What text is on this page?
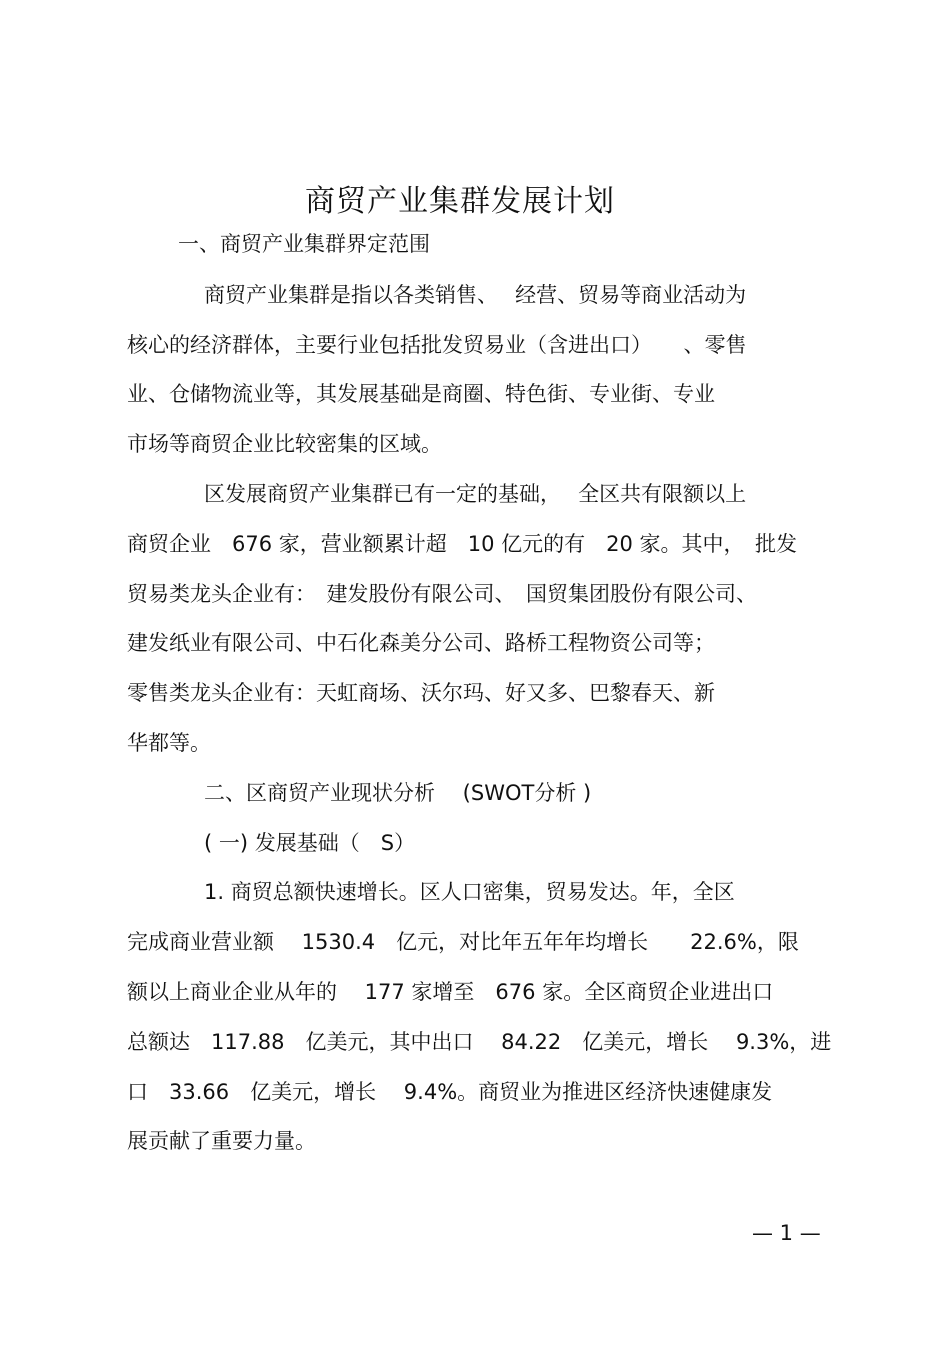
商贸产业集群发展计划
一、商贸产业集群界定范围
商贸产业集群是指以各类销售、　 经营、贸易等商业活动为
核心的经济群体，主要行业包括批发贸易业（含进出口）　　、零售
业、仓储物流业等，其发展基础是商圈、特色街、专业街、专业
市场等商贸企业比较密集的区域。
区发展商贸产业集群已有一定的基础，　 全区共有限额以上
商贸企业　676 家，营业额累计超　10 亿元的有　20 家。其中，　批发
贸易类龙头企业有：　建发股份有限公司、　国贸集团股份有限公司、
建发纸业有限公司、中石化森美分公司、路桥工程物资公司等；
零售类龙头企业有：天虹商场、沃尔玛、好又多、巴黎春天、新
华都等。
二、区商贸产业现状分析　 (SWOT分析 )
( 一) 发展基础（　S）
1. 商贸总额快速增长。区人口密集，贸易发达。年，全区
完成商业营业额　 1530.4　亿元，对比年五年年均增长　　22.6%，限
额以上商业企业从年的　 177 家增至　676 家。全区商贸企业进出口
总额达　117.88　亿美元，其中出口　 84.22　亿美元，增长　 9.3%，进
口　33.66　亿美元，增长　 9.4%。商贸业为推进区经济快速健康发
展贡献了重要力量。
— 1 —
